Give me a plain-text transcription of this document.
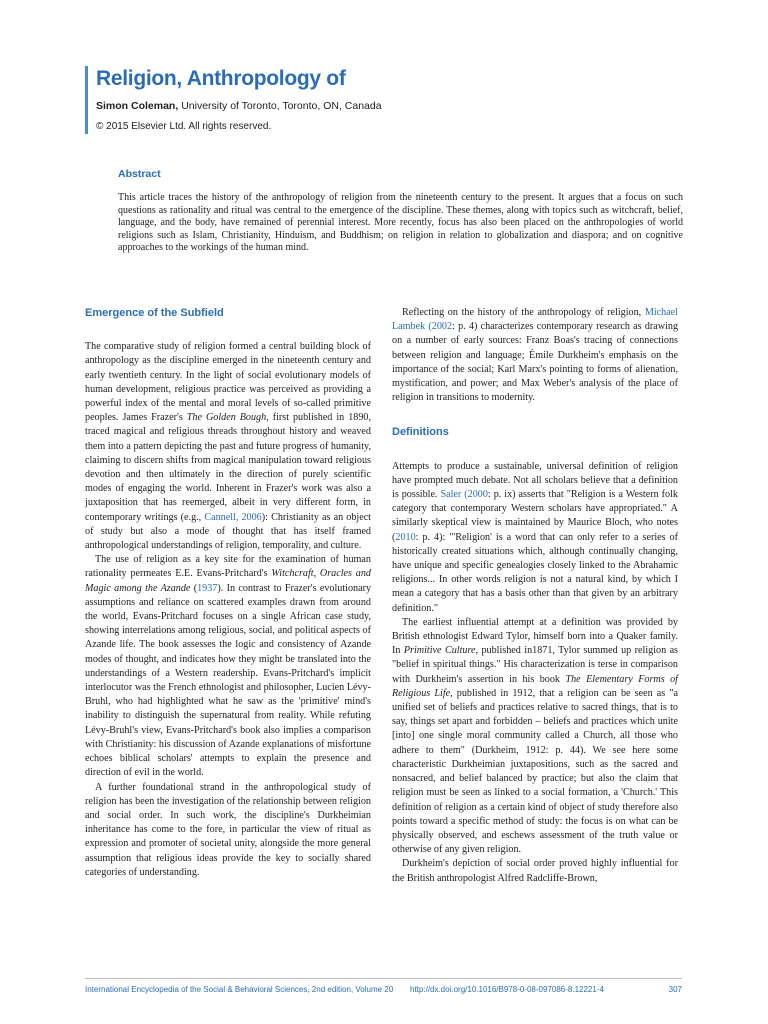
Religion, Anthropology of
Simon Coleman, University of Toronto, Toronto, ON, Canada
© 2015 Elsevier Ltd. All rights reserved.
Abstract
This article traces the history of the anthropology of religion from the nineteenth century to the present. It argues that a focus on such questions as rationality and ritual was central to the emergence of the discipline. These themes, along with topics such as witchcraft, belief, language, and the body, have remained of perennial interest. More recently, focus has also been placed on the anthropologies of world religions such as Islam, Christianity, Hinduism, and Buddhism; on religion in relation to globalization and diaspora; and on cognitive approaches to the workings of the human mind.
Emergence of the Subfield

The comparative study of religion formed a central building block of anthropology as the discipline emerged in the nineteenth century and early twentieth century. In the light of social evolutionary models of human development, religious practice was perceived as providing a powerful index of the mental and moral levels of so-called primitive peoples. James Frazer's The Golden Bough, first published in 1890, traced magical and religious threads throughout history and weaved them into a pattern depicting the past and future progress of humanity, claiming to discern shifts from magical manipulation toward religious devotion and then ultimately in the direction of purely scientific modes of engaging the world. Inherent in Frazer's work was also a juxtaposition that has reemerged, albeit in very different form, in contemporary writings (e.g., Cannell, 2006): Christianity as an object of study but also a mode of thought that has itself framed anthropological understandings of religion, temporality, and culture.

The use of religion as a key site for the examination of human rationality permeates E.E. Evans-Pritchard's Witchcraft, Oracles and Magic among the Azande (1937). In contrast to Frazer's evolutionary assumptions and reliance on scattered examples drawn from around the world, Evans-Pritchard focuses on a single African case study, showing interrelations among religious, social, and political aspects of Azande life. The book assesses the logic and consistency of Azande modes of thought, and indicates how they might be translated into the understandings of a Western readership. Evans-Pritchard's implicit interlocutor was the French ethnologist and philosopher, Lucien Lévy-Bruhl, who had highlighted what he saw as the 'primitive' mind's inability to distinguish the supernatural from reality. While refuting Lévy-Bruhl's view, Evans-Pritchard's book also implies a comparison with Christianity: his discussion of Azande explanations of misfortune echoes biblical scholars' attempts to explain the presence and direction of evil in the world.

A further foundational strand in the anthropological study of religion has been the investigation of the relationship between religion and social order. In such work, the discipline's Durkheimian inheritance has come to the fore, in particular the view of ritual as expression and promoter of societal unity, alongside the more general assumption that religious ideas provide the key to socially shared categories of understanding.

Reflecting on the history of the anthropology of religion, Michael Lambek (2002: p. 4) characterizes contemporary research as drawing on a number of early sources: Franz Boas's tracing of connections between religion and language; Émile Durkheim's emphasis on the importance of the social; Karl Marx's pointing to forms of alienation, mystification, and power; and Max Weber's analysis of the place of religion in transitions to modernity.

Definitions

Attempts to produce a sustainable, universal definition of religion have prompted much debate. Not all scholars believe that a definition is possible. Saler (2000: p. ix) asserts that "Religion is a Western folk category that contemporary Western scholars have appropriated." A similarly skeptical view is maintained by Maurice Bloch, who notes (2010: p. 4): "'Religion' is a word that can only refer to a series of historically created situations which, although continually changing, have unique and specific genealogies closely linked to the Abrahamic religions... In other words religion is not a natural kind, by which I mean a category that has a basis other than that given by an arbitrary definition."

The earliest influential attempt at a definition was provided by British ethnologist Edward Tylor, himself born into a Quaker family. In Primitive Culture, published in1871, Tylor summed up religion as "belief in spiritual things." His characterization is terse in comparison with Durkheim's assertion in his book The Elementary Forms of Religious Life, published in 1912, that a religion can be seen as "a unified set of beliefs and practices relative to sacred things, that is to say, things set apart and forbidden – beliefs and practices which unite [into] one single moral community called a Church, all those who adhere to them" (Durkheim, 1912: p. 44). We see here some characteristic Durkheimian juxtapositions, such as the sacred and nonsacred, and belief balanced by practice; but also the claim that religion must be seen as linked to a social formation, a 'Church.' This definition of religion as a certain kind of object of study therefore also points toward a specific method of study: the focus is on what can be physically observed, and eschews assessment of the truth value or otherwise of any given religion.

Durkheim's depiction of social order proved highly influential for the British anthropologist Alfred Radcliffe-Brown,

International Encyclopedia of the Social & Behavioral Sciences, 2nd edition, Volume 20 http://dx.doi.org/10.1016/B978-0-08-097086-8.12221-4	307
